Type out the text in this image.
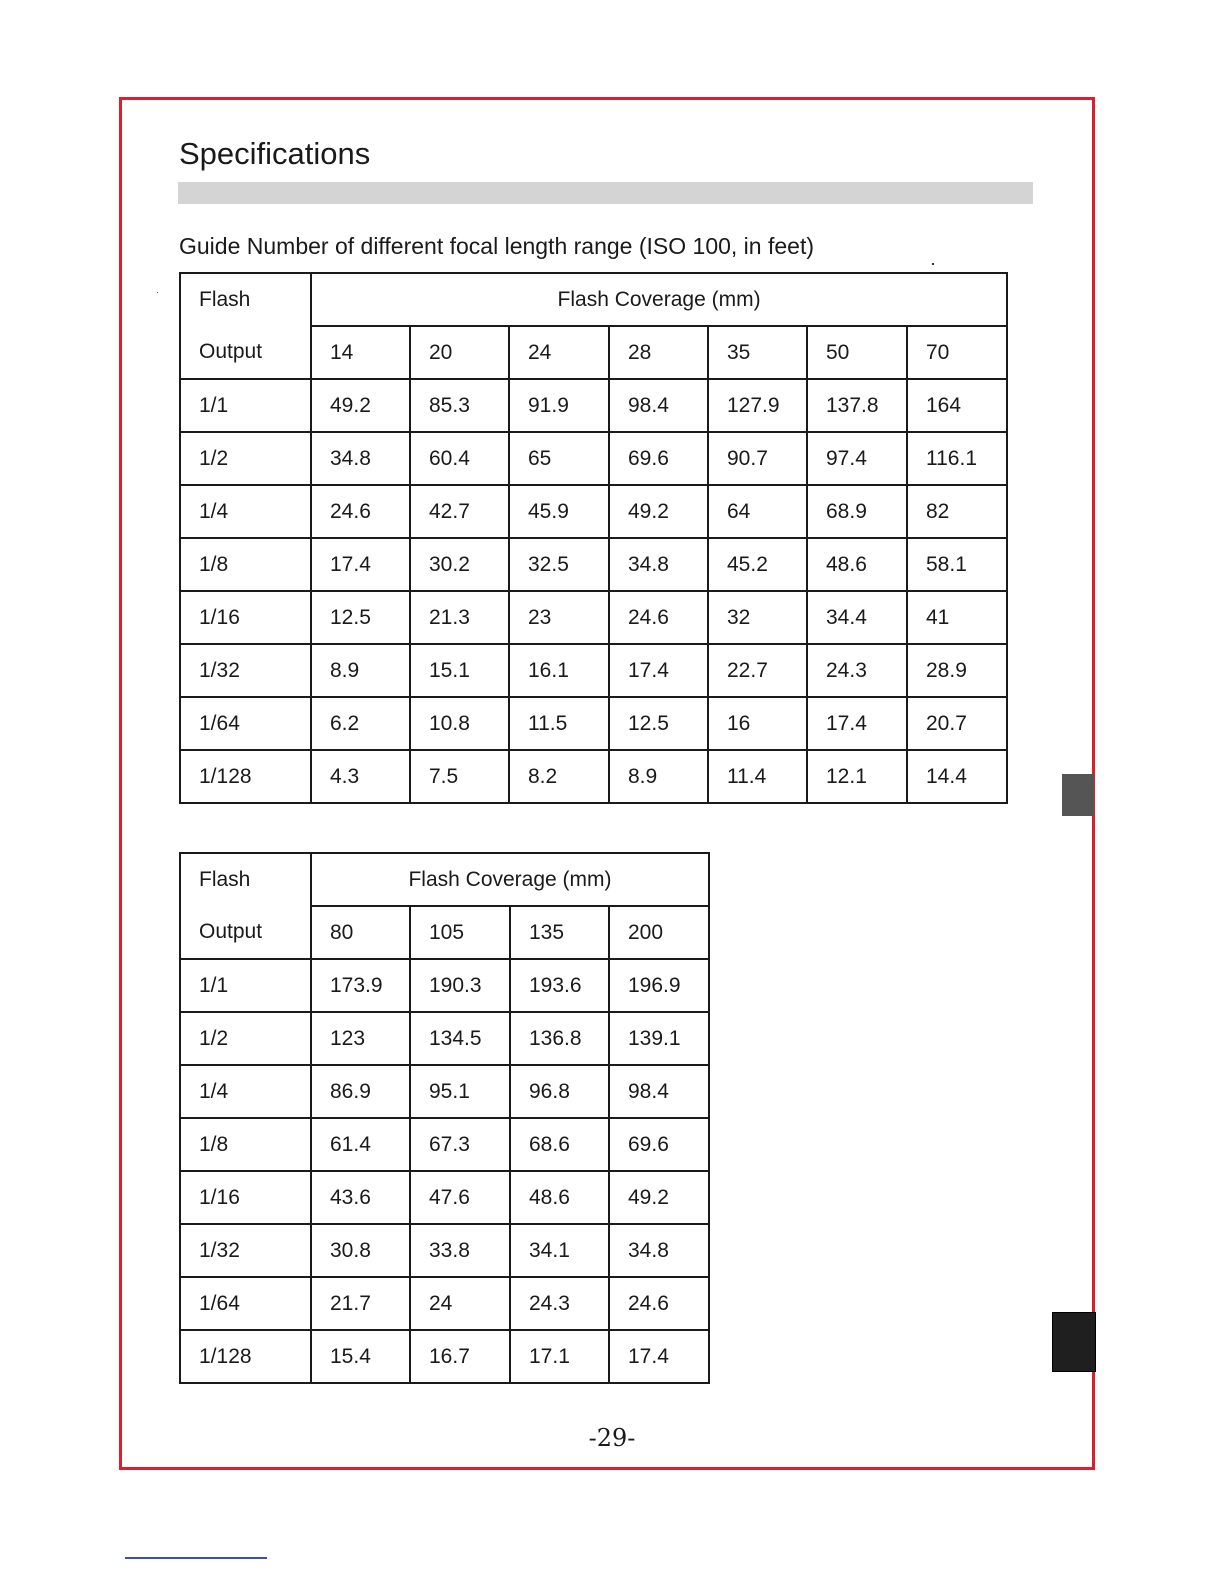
Specifications

Guide Number of different focal length range (ISO 100, in feet)

Flash	Flash Coverage (mm)						
Output	14	20	24	28	35	50	70
1/1	49.2	85.3	91.9	98.4	127.9	137.8	164
1/2	34.8	60.4	65	69.6	90.7	97.4	116.1
1/4	24.6	42.7	45.9	49.2	64	68.9	82
1/8	17.4	30.2	32.5	34.8	45.2	48.6	58.1
1/16	12.5	21.3	23	24.6	32	34.4	41
1/32	8.9	15.1	16.1	17.4	22.7	24.3	28.9
1/64	6.2	10.8	11.5	12.5	16	17.4	20.7
1/128	4.3	7.5	8.2	8.9	11.4	12.1	14.4
Flash	Flash Coverage (mm)			
Output	80	105	135	200
1/1	173.9	190.3	193.6	196.9
1/2	123	134.5	136.8	139.1
1/4	86.9	95.1	96.8	98.4
1/8	61.4	67.3	68.6	69.6
1/16	43.6	47.6	48.6	49.2
1/32	30.8	33.8	34.1	34.8
1/64	21.7	24	24.3	24.6
1/128	15.4	16.7	17.1	17.4
-29-
